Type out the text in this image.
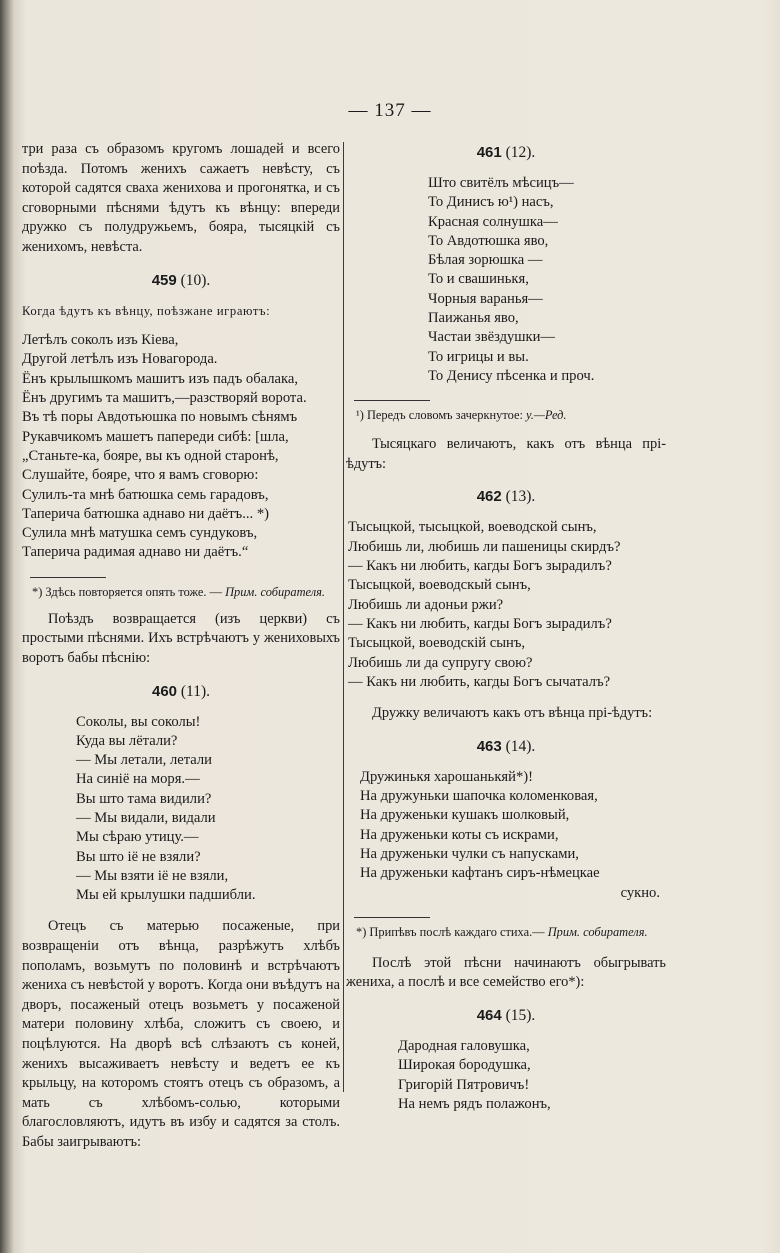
— 137 —

три раза съ образомъ кругомъ лошадей и всего поѣзда. Потомъ женихъ сажаетъ невѣсту, съ которой садятся сваха женихова и прогонятка, и съ сговорными пѣснями ѣдутъ къ вѣнцу: впереди дружко съ полудружьемъ, бояра, тысяцкій съ женихомъ, невѣста.

459 (10).

Когда ѣдутъ къ вѣнцу, поѣзжане играютъ:

Летѣлъ соколъ изъ Кіева,
Другой летѣлъ изъ Новагорода.
Ёнъ крылышкомъ машитъ изъ падъ обалака,
Ёнъ другимъ та машитъ,—разстворяй ворота.
Въ тѣ поры Авдотьюшка по новымъ сѣнямъ
Рукавчикомъ машетъ папереди сибѣ: [шла,
„Станьте-ка, бояре, вы къ одной старонѣ,
Слушайте, бояре, что я вамъ сговорю:
Сулилъ-та мнѣ батюшка семь гарадовъ,
Таперича батюшка аднаво ни даётъ... *)
Сулила мнѣ матушка семъ сундуковъ,
Таперича радимая аднаво ни даётъ.“

*) Здѣсь повторяется опять тоже. — Прим. собирателя.

Поѣздъ возвращается (изъ церкви) съ простыми пѣснями. Ихъ встрѣчаютъ у жениховыхъ воротъ бабы пѣснію:

460 (11).
Соколы, вы соколы!
Куда вы лётали?
— Мы летали, летали
На синіё на моря.—
Вы што тама видили?
— Мы видали, видали
Мы сѣраю утицу.—
Вы што іё не взяли?
— Мы взяти іё не взяли,
Мы ей крылушки падшибли.

Отецъ съ матерью посаженые, при возвращеніи отъ вѣнца, разрѣжутъ хлѣбъ пополамъ, возьмутъ по половинѣ и встрѣчаютъ жениха съ невѣстой у воротъ. Когда они въѣдутъ на дворъ, посаженый отецъ возьметъ у посаженой матери половину хлѣба, сложитъ съ своею, и поцѣлуются. На дворѣ всѣ слѣзаютъ съ коней, женихъ высаживаетъ невѣсту и ведетъ ее къ крыльцу, на которомъ стоятъ отецъ съ образомъ, а мать съ хлѣбомъ-солью, которыми благословляютъ, идутъ въ избу и садятся за столъ. Бабы заигрываютъ:

461 (12).
Што свитёлъ мѣсицъ—
То Динисъ ю¹) насъ,
Красная солнушка—
То Авдотюшка яво,
Бѣлая зорюшка —
То и свашинькя,
Чорныя варанья—
Паижанья яво,
Частаи звёздушки—
То игрицы и вы.
То Денису пѣсенка и проч.

¹) Передъ словомъ зачеркнутое: у.—Ред.

Тысяцкаго величаютъ, какъ отъ вѣнца прі-ѣдутъ:

462 (13).
Тысыцкой, тысыцкой, воеводской сынъ,
Любишь ли, любишь ли пашеницы скирдъ?
— Какъ ни любить, кагды Богъ зырадилъ?
Тысыцкой, воеводскый сынъ,
Любишь ли адоньи ржи?
— Какъ ни любить, кагды Богъ зырадилъ?
Тысыцкой, воеводскій сынъ,
Любишь ли да супругу свою?
— Какъ ни любить, кагды Богъ сычаталъ?

Дружку величаютъ какъ отъ вѣнца прі-ѣдутъ:

463 (14).
Дружинькя харошанькяй*)!
На дружуньки шапочка коломенковая,
На друженьки кушакъ шолковый,
На друженьки коты съ искрами,
На друженьки чулки съ напусками,
На друженьки кафтанъ сиръ-нѣмецкае
сукно.

*) Припѣвъ послѣ каждаго стиха.— Прим. собирателя.

Послѣ этой пѣсни начинаютъ обыгрывать жениха, а послѣ и все семейство его*):

464 (15).
Дародная галовушка,
Широкая бородушка,
Григорій Пятровичъ!
На немъ рядъ полажонъ,
